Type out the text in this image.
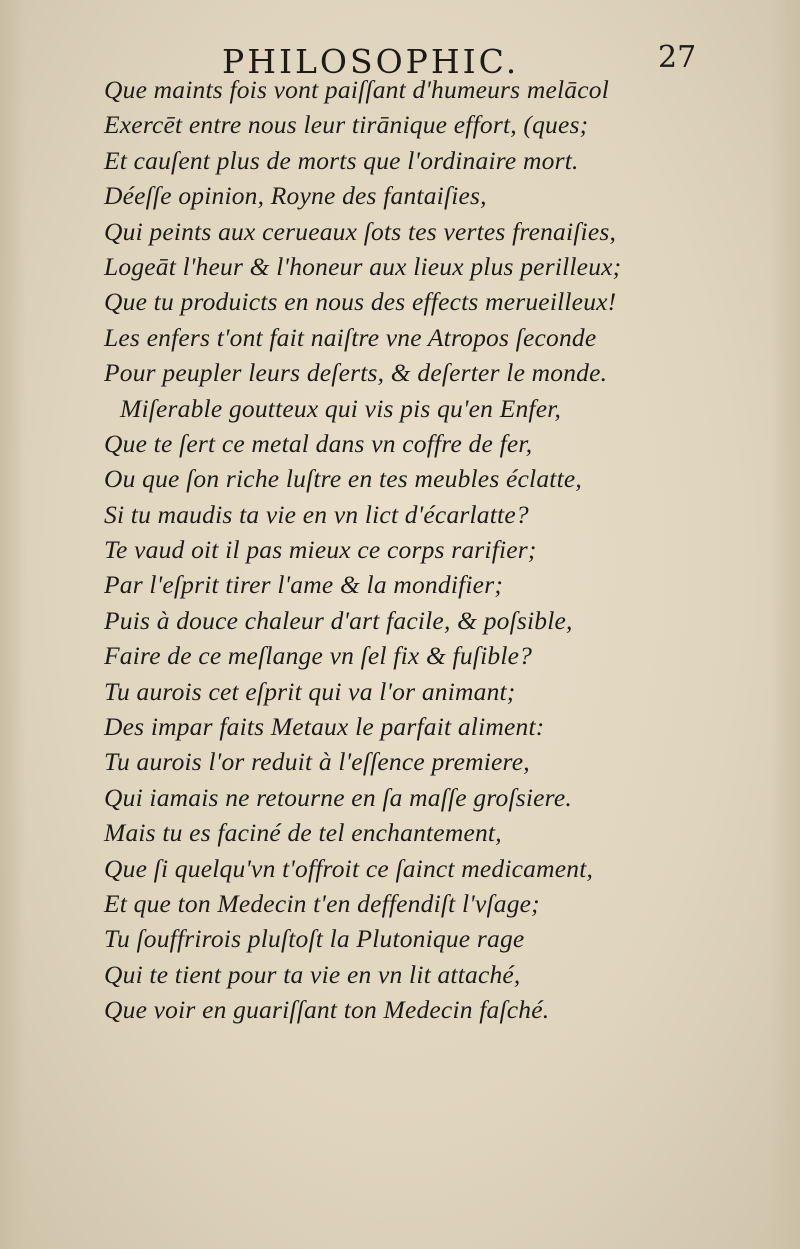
PHILOSOPHIC.	27
Que maints fois vont paiſſant d'humeurs melācol
Exercēt entre nous leur tirānique effort, (ques;
Et cauſent plus de morts que l'ordinaire mort.
Déeſſe opinion, Royne des fantaiſies,
Qui peints aux cerueaux ſots tes vertes frenaiſies,
Logeāt l'heur & l'honeur aux lieux plus perilleux;
Que tu produicts en nous des effects merueilleux!
Les enfers t'ont fait naiſtre vne Atropos ſeconde
Pour peupler leurs deſerts, & deſerter le monde.
Miſerable goutteux qui vis pis qu'en Enfer,
Que te ſert ce metal dans vn coffre de fer,
Ou que ſon riche luſtre en tes meubles éclatte,
Si tu maudis ta vie en vn lict d'écarlatte?
Te vaud oit il pas mieux ce corps rarifier;
Par l'eſprit tirer l'ame & la mondifier;
Puis à douce chaleur d'art facile, & poſsible,
Faire de ce meſlange vn ſel fix & fuſible?
Tu aurois cet eſprit qui va l'or animant;
Des impar faits Metaux le parfait aliment:
Tu aurois l'or reduit à l'eſſence premiere,
Qui iamais ne retourne en ſa maſſe groſsiere.
Mais tu es faciné de tel enchantement,
Que ſi quelqu'vn t'offroit ce ſainct medicament,
Et que ton Medecin t'en deffendiſt l'vſage;
Tu ſouffrirois pluſtoſt la Plutonique rage
Qui te tient pour ta vie en vn lit attaché,
Que voir en guariſſant ton Medecin faſché.
